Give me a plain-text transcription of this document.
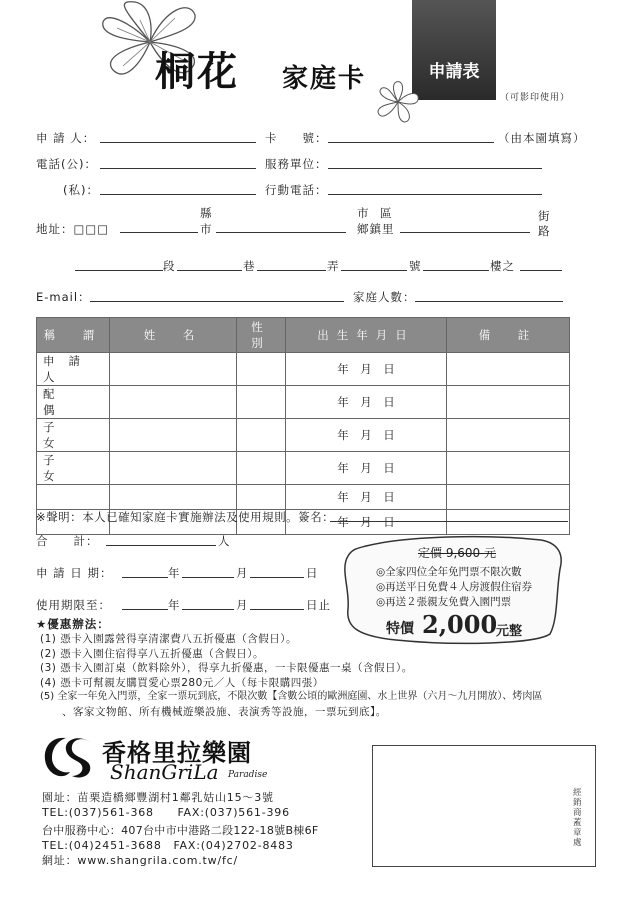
桐花 家庭卡	申請表
（可影印使用）
申 請 人：	卡　　號：	（由本園填寫）
電話(公)：	服務單位：
(私)：	行動電話：
地址：□□□
縣
市
市 區
鄉鎮里
街
路
段	巷	弄	號	樓之
E-mail：	家庭人數：
稱　謂	姓　名	性 別	出生年月日	備　註
申請人			年　月　日	
配　偶			年　月　日	
子　女			年　月　日	
子　女			年　月　日	
			年　月　日	
			年　月　日	
※聲明：本人已確知家庭卡實施辦法及使用規則。簽名：
合　　計：	人
申 請 日 期：	年	月	日
使用期限至：	年	月	日止
定價 9,600 元
◎全家四位全年免門票不限次數
◎再送平日免費４人房渡假住宿券
◎再送２張親友免費入園門票
特價 2,000
元整
★優惠辦法：
(1) 憑卡入園露營得享清潔費八五折優惠（含假日）。
(2) 憑卡入園住宿得享八五折優惠（含假日）。
(3) 憑卡入園訂桌（飲料除外），得享九折優惠，一卡限優惠一桌（含假日）。
(4) 憑卡可幫親友購買愛心票280元／人（每卡限購四張）
(5) 全家一年免入門票，全家一票玩到底，不限次數【含數公頃的歐洲庭園、水上世界（六月～九月開放）、烤肉區
　　、客家文物館、所有機械遊樂設施、表演秀等設施，一票玩到底】。
香格里拉樂園
ShanGriLa Paradise
園址：苗栗造橋鄉豐湖村1鄰乳姑山15～3號
TEL:(037)561-368　　FAX:(037)561-396
台中服務中心：407台中市中港路二段122-18號B棟6F
TEL:(04)2451-3688　FAX:(04)2702-8483
網址：www.shangrila.com.tw/fc/
經銷商蓋章處
